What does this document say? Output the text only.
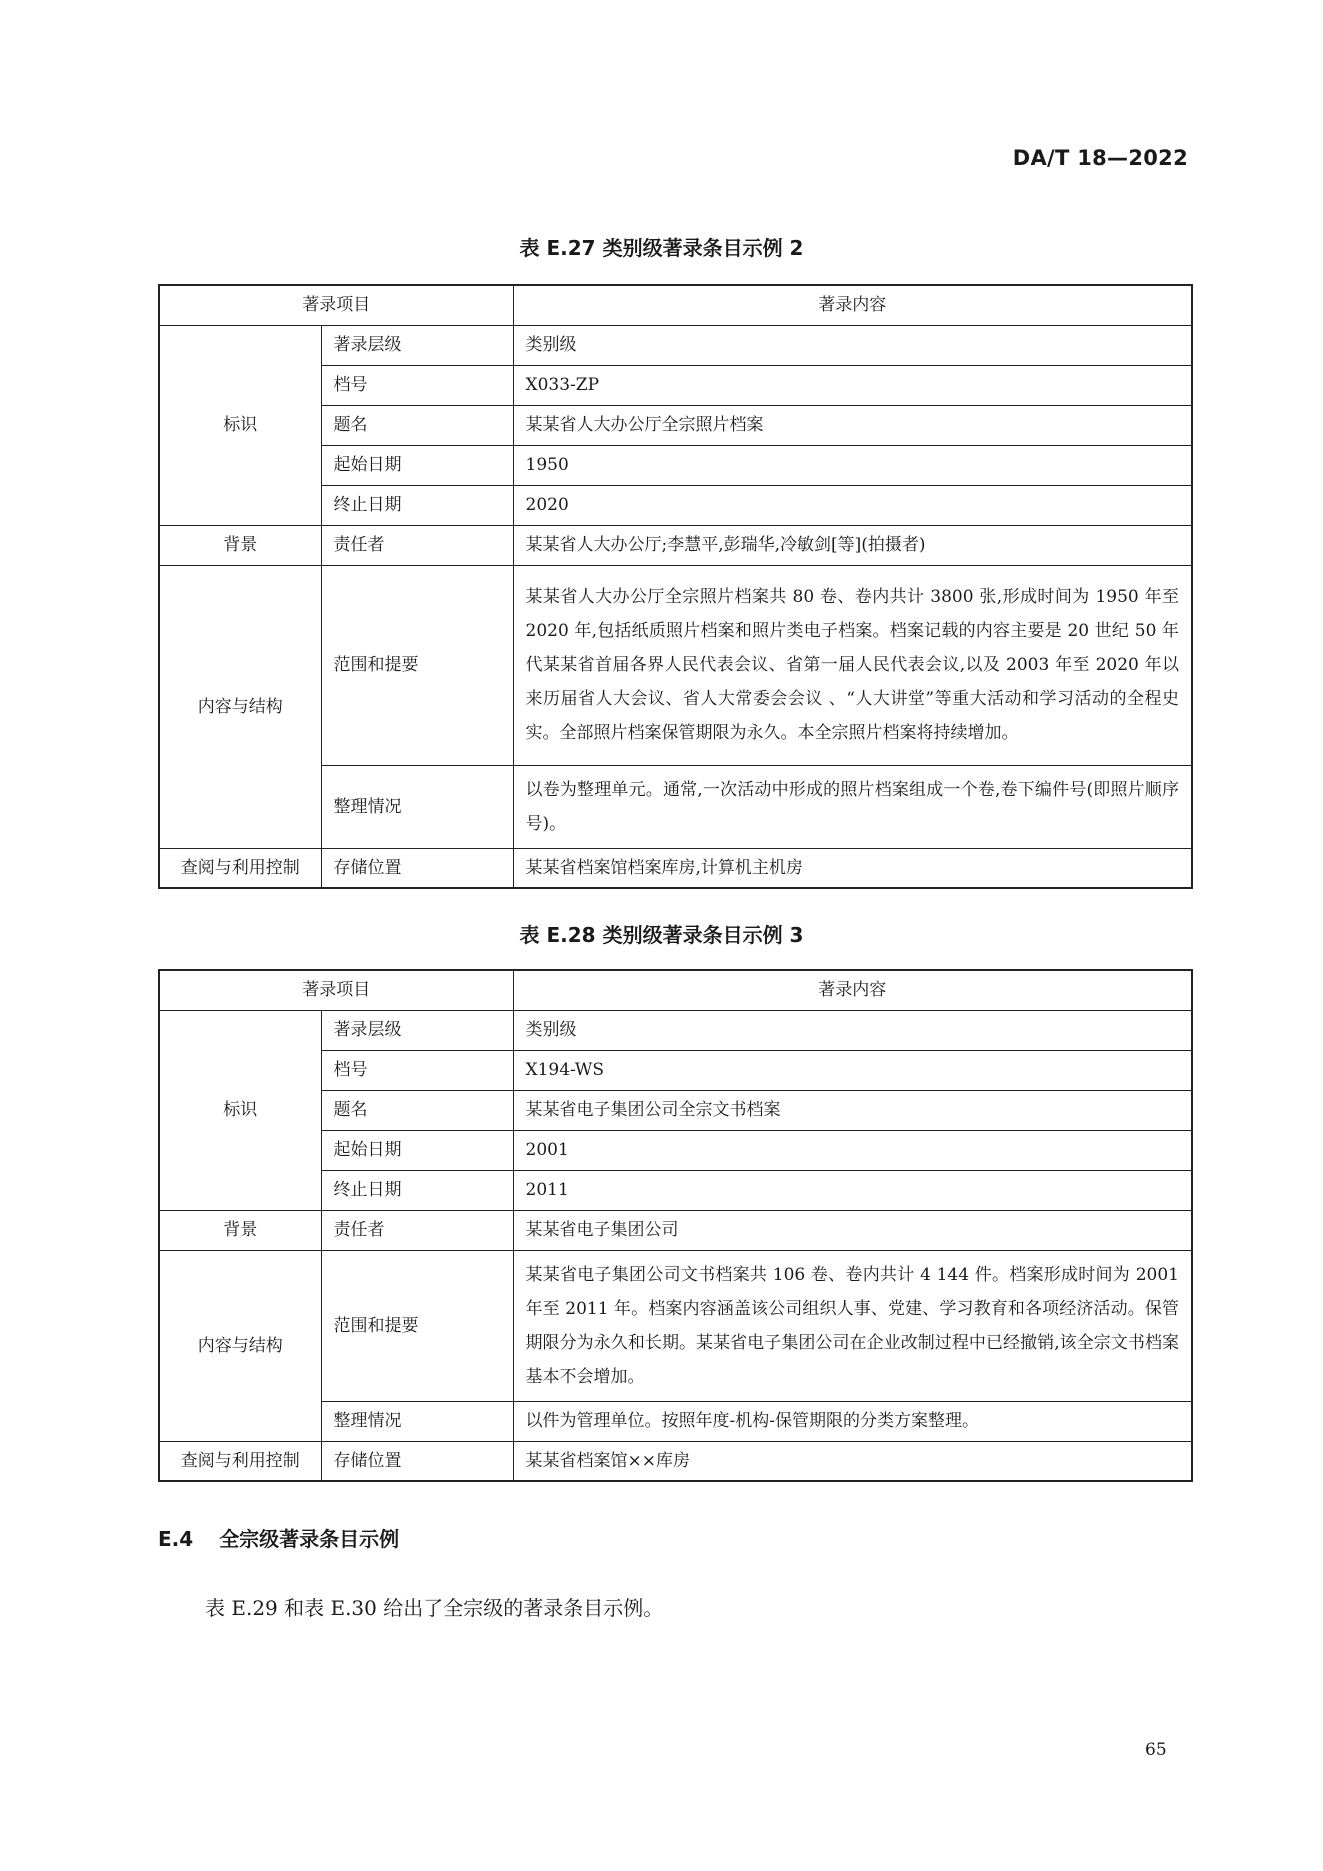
DA/T 18—2022
表 E.27 类别级著录条目示例 2
著录项目		著录内容
标识	著录层级	类别级
	档号	X033-ZP
	题名	某某省人大办公厅全宗照片档案
	起始日期	1950
	终止日期	2020
背景	责任者	某某省人大办公厅;李慧平,彭瑞华,冷敏剑[等](拍摄者)
内容与结构	范围和提要	某某省人大办公厅全宗照片档案共 80 卷、卷内共计 3800 张,形成时间为 1950 年至 2020 年,包括纸质照片档案和照片类电子档案。档案记载的内容主要是 20 世纪 50 年代某某省首届各界人民代表会议、省第一届人民代表会议,以及 2003 年至 2020 年以来历届省人大会议、省人大常委会会议 、“人大讲堂”等重大活动和学习活动的全程史实。全部照片档案保管期限为永久。本全宗照片档案将持续增加。
	整理情况	以卷为整理单元。通常,一次活动中形成的照片档案组成一个卷,卷下编件号(即照片顺序号)。
查阅与利用控制	存储位置	某某省档案馆档案库房,计算机主机房
表 E.28 类别级著录条目示例 3
著录项目		著录内容
标识	著录层级	类别级
	档号	X194-WS
	题名	某某省电子集团公司全宗文书档案
	起始日期	2001
	终止日期	2011
背景	责任者	某某省电子集团公司
内容与结构	范围和提要	某某省电子集团公司文书档案共 106 卷、卷内共计 4 144 件。档案形成时间为 2001 年至 2011 年。档案内容涵盖该公司组织人事、党建、学习教育和各项经济活动。保管期限分为永久和长期。某某省电子集团公司在企业改制过程中已经撤销,该全宗文书档案基本不会增加。
	整理情况	以件为管理单位。按照年度-机构-保管期限的分类方案整理。
查阅与利用控制	存储位置	某某省档案馆××库房
E.4 全宗级著录条目示例
表 E.29 和表 E.30 给出了全宗级的著录条目示例。
65
